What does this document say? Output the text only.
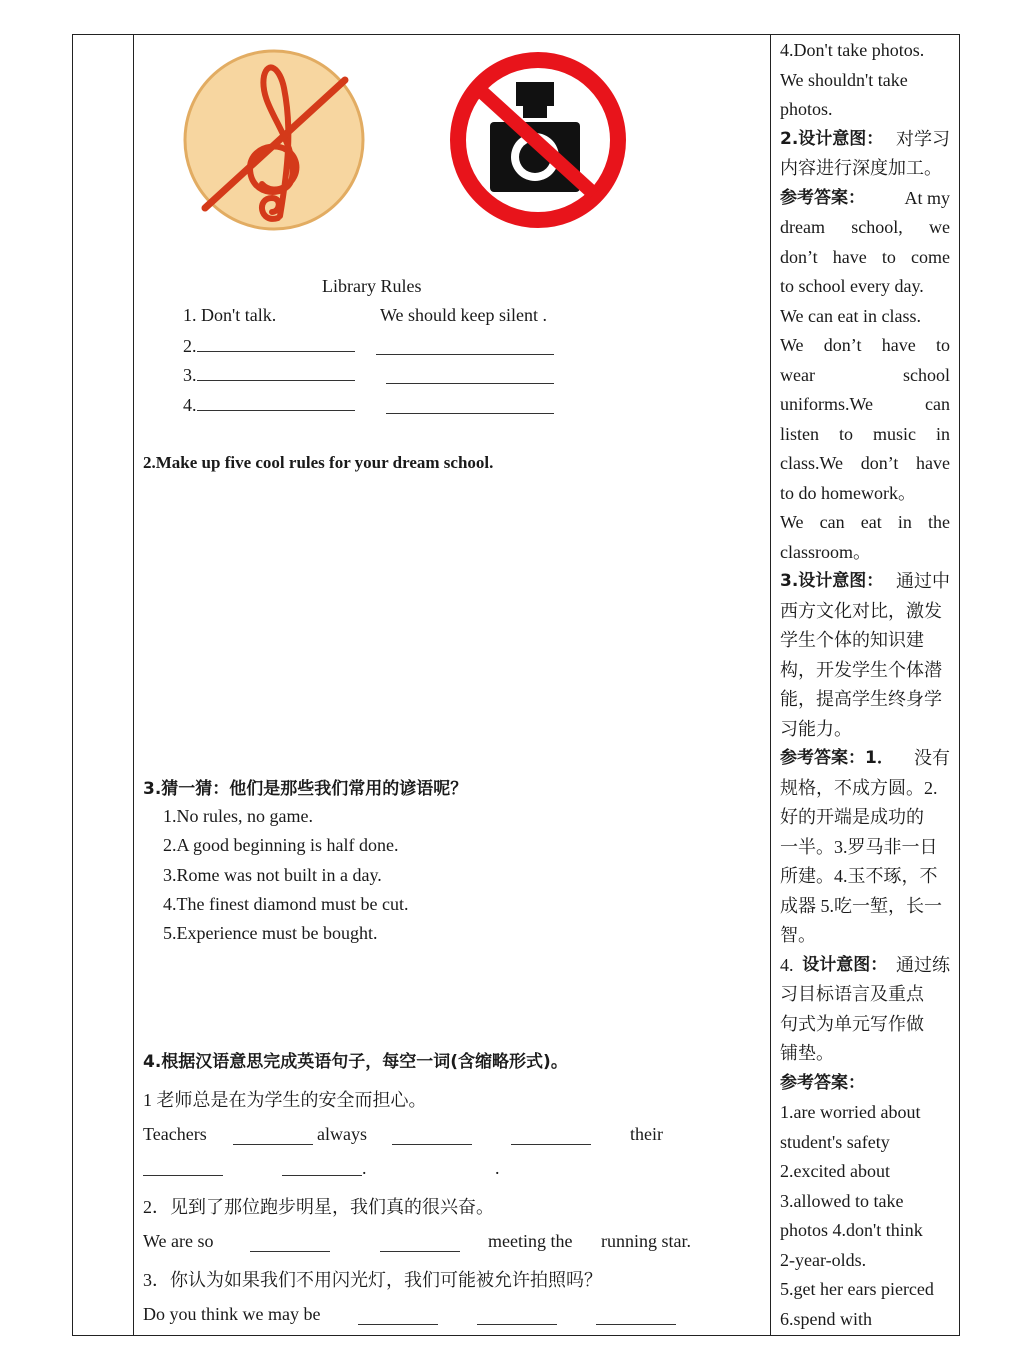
Library Rules
1. Don't talk.	We should keep silent .
2.
3.
4.
2.Make up five cool rules for your dream school.
3.猜一猜：他们是那些我们常用的谚语呢？
1.No rules, no game.
2.A good beginning is half done.
3.Rome was not built in a day.
4.The finest diamond must be cut.
5.Experience must be bought.
4.根据汉语意思完成英语句子，每空一词(含缩略形式)。
1 老师总是在为学生的安全而担心。
Teachers	always	their
.	.
2．见到了那位跑步明星，我们真的很兴奋。
We are so	meeting the running star.
3．你认为如果我们不用闪光灯，我们可能被允许拍照吗？
Do you think we may be
4.Don't take photos.
We shouldn't take
photos.
2.设计意图： 对学习
内容进行深度加工。
参考答案： At my
dream school, we
don’t have to come
to school every day.
We can eat in class.
We don’t have to
wear	school
uniforms.We	can
listen to music in
class.We don’t have
to do homework。
We can eat in the
classroom。
3.设计意图： 通过中
西方文化对比，激发
学生个体的知识建
构，开发学生个体潜
能，提高学生终身学
习能力。
参考答案：1． 没有
规格，不成方圆。2.
好的开端是成功的
一半。3.罗马非一日
所建。4.玉不琢，不
成器 5.吃一堑，长一
智。
4. 设计意图： 通过练
习目标语言及重点
句式为单元写作做
铺垫。
参考答案：
1.are worried about
student's safety
2.excited about
3.allowed to take
photos 4.don't think
2-year-olds.
5.get her ears pierced
6.spend with
